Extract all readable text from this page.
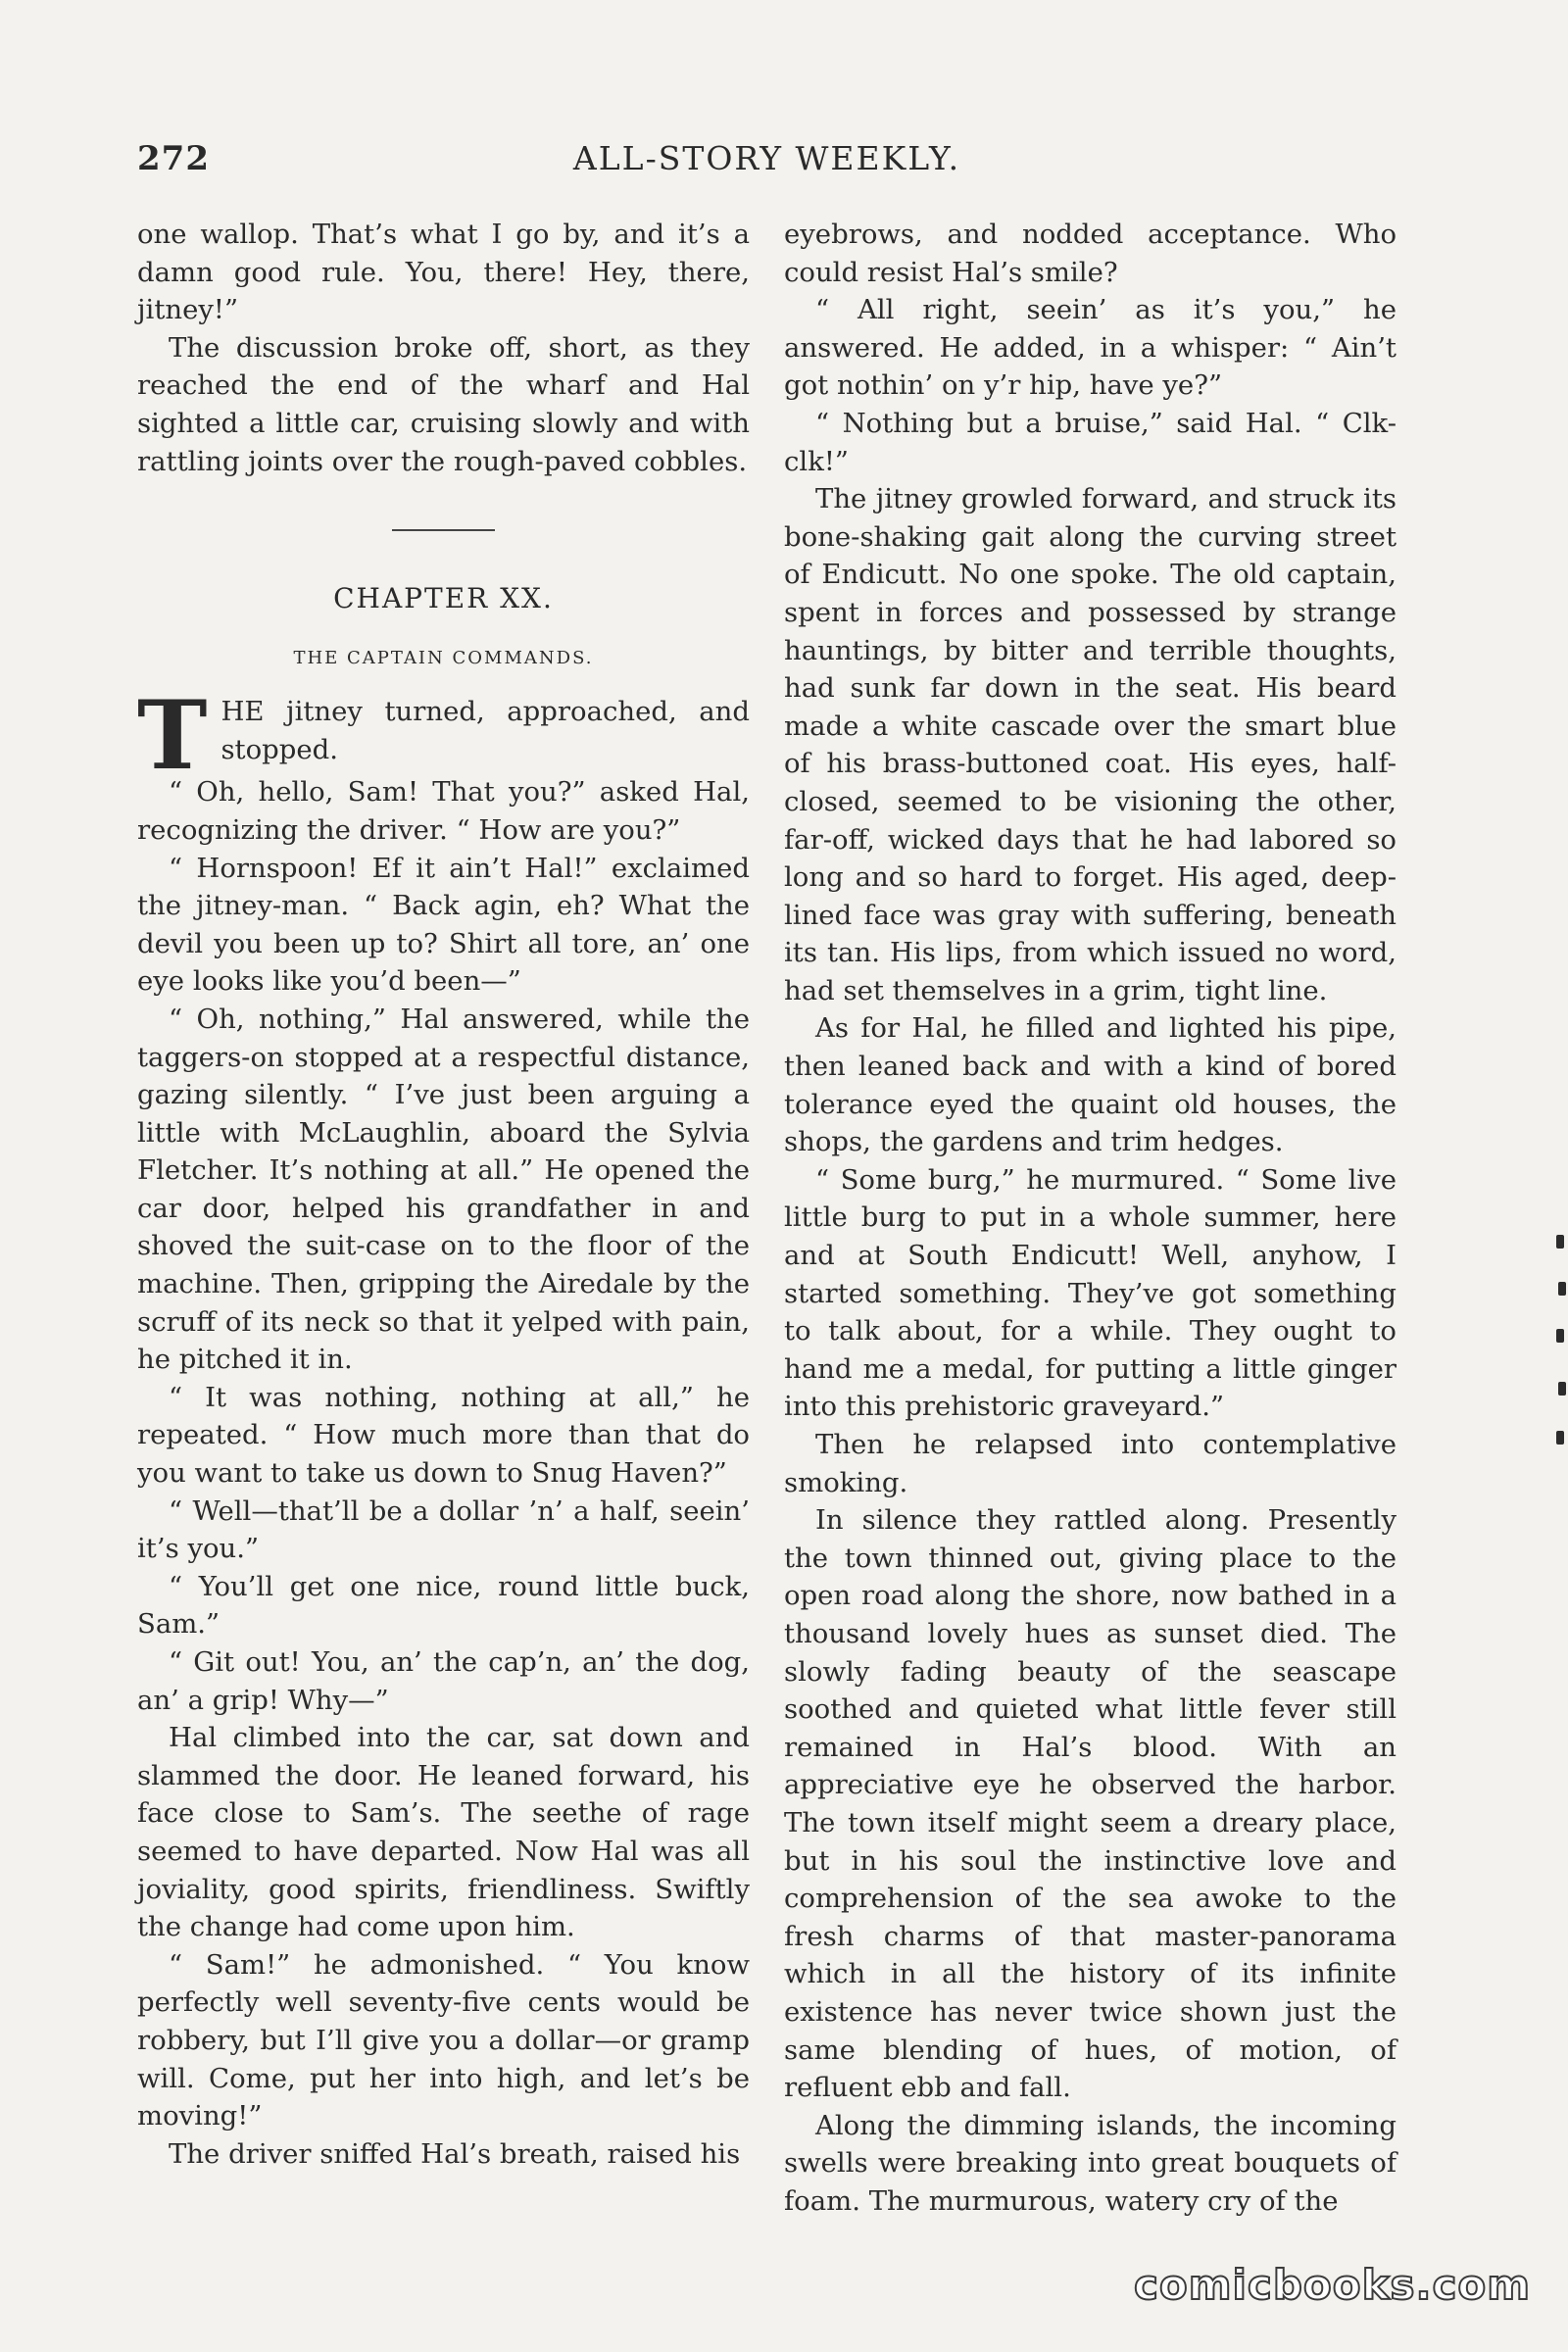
272	ALL-STORY WEEKLY.

one wallop. That’s what I go by, and it’s a damn good rule. You, there! Hey, there, jitney!”

The discussion broke off, short, as they reached the end of the wharf and Hal sighted a little car, cruising slowly and with rattling joints over the rough-paved cobbles.

CHAPTER XX.
THE CAPTAIN COMMANDS.

THE jitney turned, approached, and stopped.

“ Oh, hello, Sam! That you?” asked Hal, recognizing the driver. “ How are you?”

“ Hornspoon! Ef it ain’t Hal!” exclaimed the jitney-man. “ Back agin, eh? What the devil you been up to? Shirt all tore, an’ one eye looks like you’d been—”

“ Oh, nothing,” Hal answered, while the taggers-on stopped at a respectful distance, gazing silently. “ I’ve just been arguing a little with McLaughlin, aboard the Sylvia Fletcher. It’s nothing at all.” He opened the car door, helped his grandfather in and shoved the suit-case on to the floor of the machine. Then, gripping the Airedale by the scruff of its neck so that it yelped with pain, he pitched it in.

“ It was nothing, nothing at all,” he repeated. “ How much more than that do you want to take us down to Snug Haven?”

“ Well—that’ll be a dollar ’n’ a half, seein’ it’s you.”

“ You’ll get one nice, round little buck, Sam.”

“ Git out! You, an’ the cap’n, an’ the dog, an’ a grip! Why—”

Hal climbed into the car, sat down and slammed the door. He leaned forward, his face close to Sam’s. The seethe of rage seemed to have departed. Now Hal was all joviality, good spirits, friendliness. Swiftly the change had come upon him.

“ Sam!” he admonished. “ You know perfectly well seventy-five cents would be robbery, but I’ll give you a dollar—or gramp will. Come, put her into high, and let’s be moving!”

The driver sniffed Hal’s breath, raised his

eyebrows, and nodded acceptance. Who could resist Hal’s smile?

“ All right, seein’ as it’s you,” he answered. He added, in a whisper: “ Ain’t got nothin’ on y’r hip, have ye?”

“ Nothing but a bruise,” said Hal. “ Clk-clk!”

The jitney growled forward, and struck its bone-shaking gait along the curving street of Endicutt. No one spoke. The old captain, spent in forces and possessed by strange hauntings, by bitter and terrible thoughts, had sunk far down in the seat. His beard made a white cascade over the smart blue of his brass-buttoned coat. His eyes, half-closed, seemed to be visioning the other, far-off, wicked days that he had labored so long and so hard to forget. His aged, deep-lined face was gray with suffering, beneath its tan. His lips, from which issued no word, had set themselves in a grim, tight line.

As for Hal, he filled and lighted his pipe, then leaned back and with a kind of bored tolerance eyed the quaint old houses, the shops, the gardens and trim hedges.

“ Some burg,” he murmured. “ Some live little burg to put in a whole summer, here and at South Endicutt! Well, anyhow, I started something. They’ve got something to talk about, for a while. They ought to hand me a medal, for putting a little ginger into this prehistoric graveyard.”

Then he relapsed into contemplative smoking.

In silence they rattled along. Presently the town thinned out, giving place to the open road along the shore, now bathed in a thousand lovely hues as sunset died. The slowly fading beauty of the seascape soothed and quieted what little fever still remained in Hal’s blood. With an appreciative eye he observed the harbor. The town itself might seem a dreary place, but in his soul the instinctive love and comprehension of the sea awoke to the fresh charms of that master-panorama which in all the history of its infinite existence has never twice shown just the same blending of hues, of motion, of refluent ebb and fall.

Along the dimming islands, the incoming swells were breaking into great bouquets of foam. The murmurous, watery cry of the

comicbooks.com
